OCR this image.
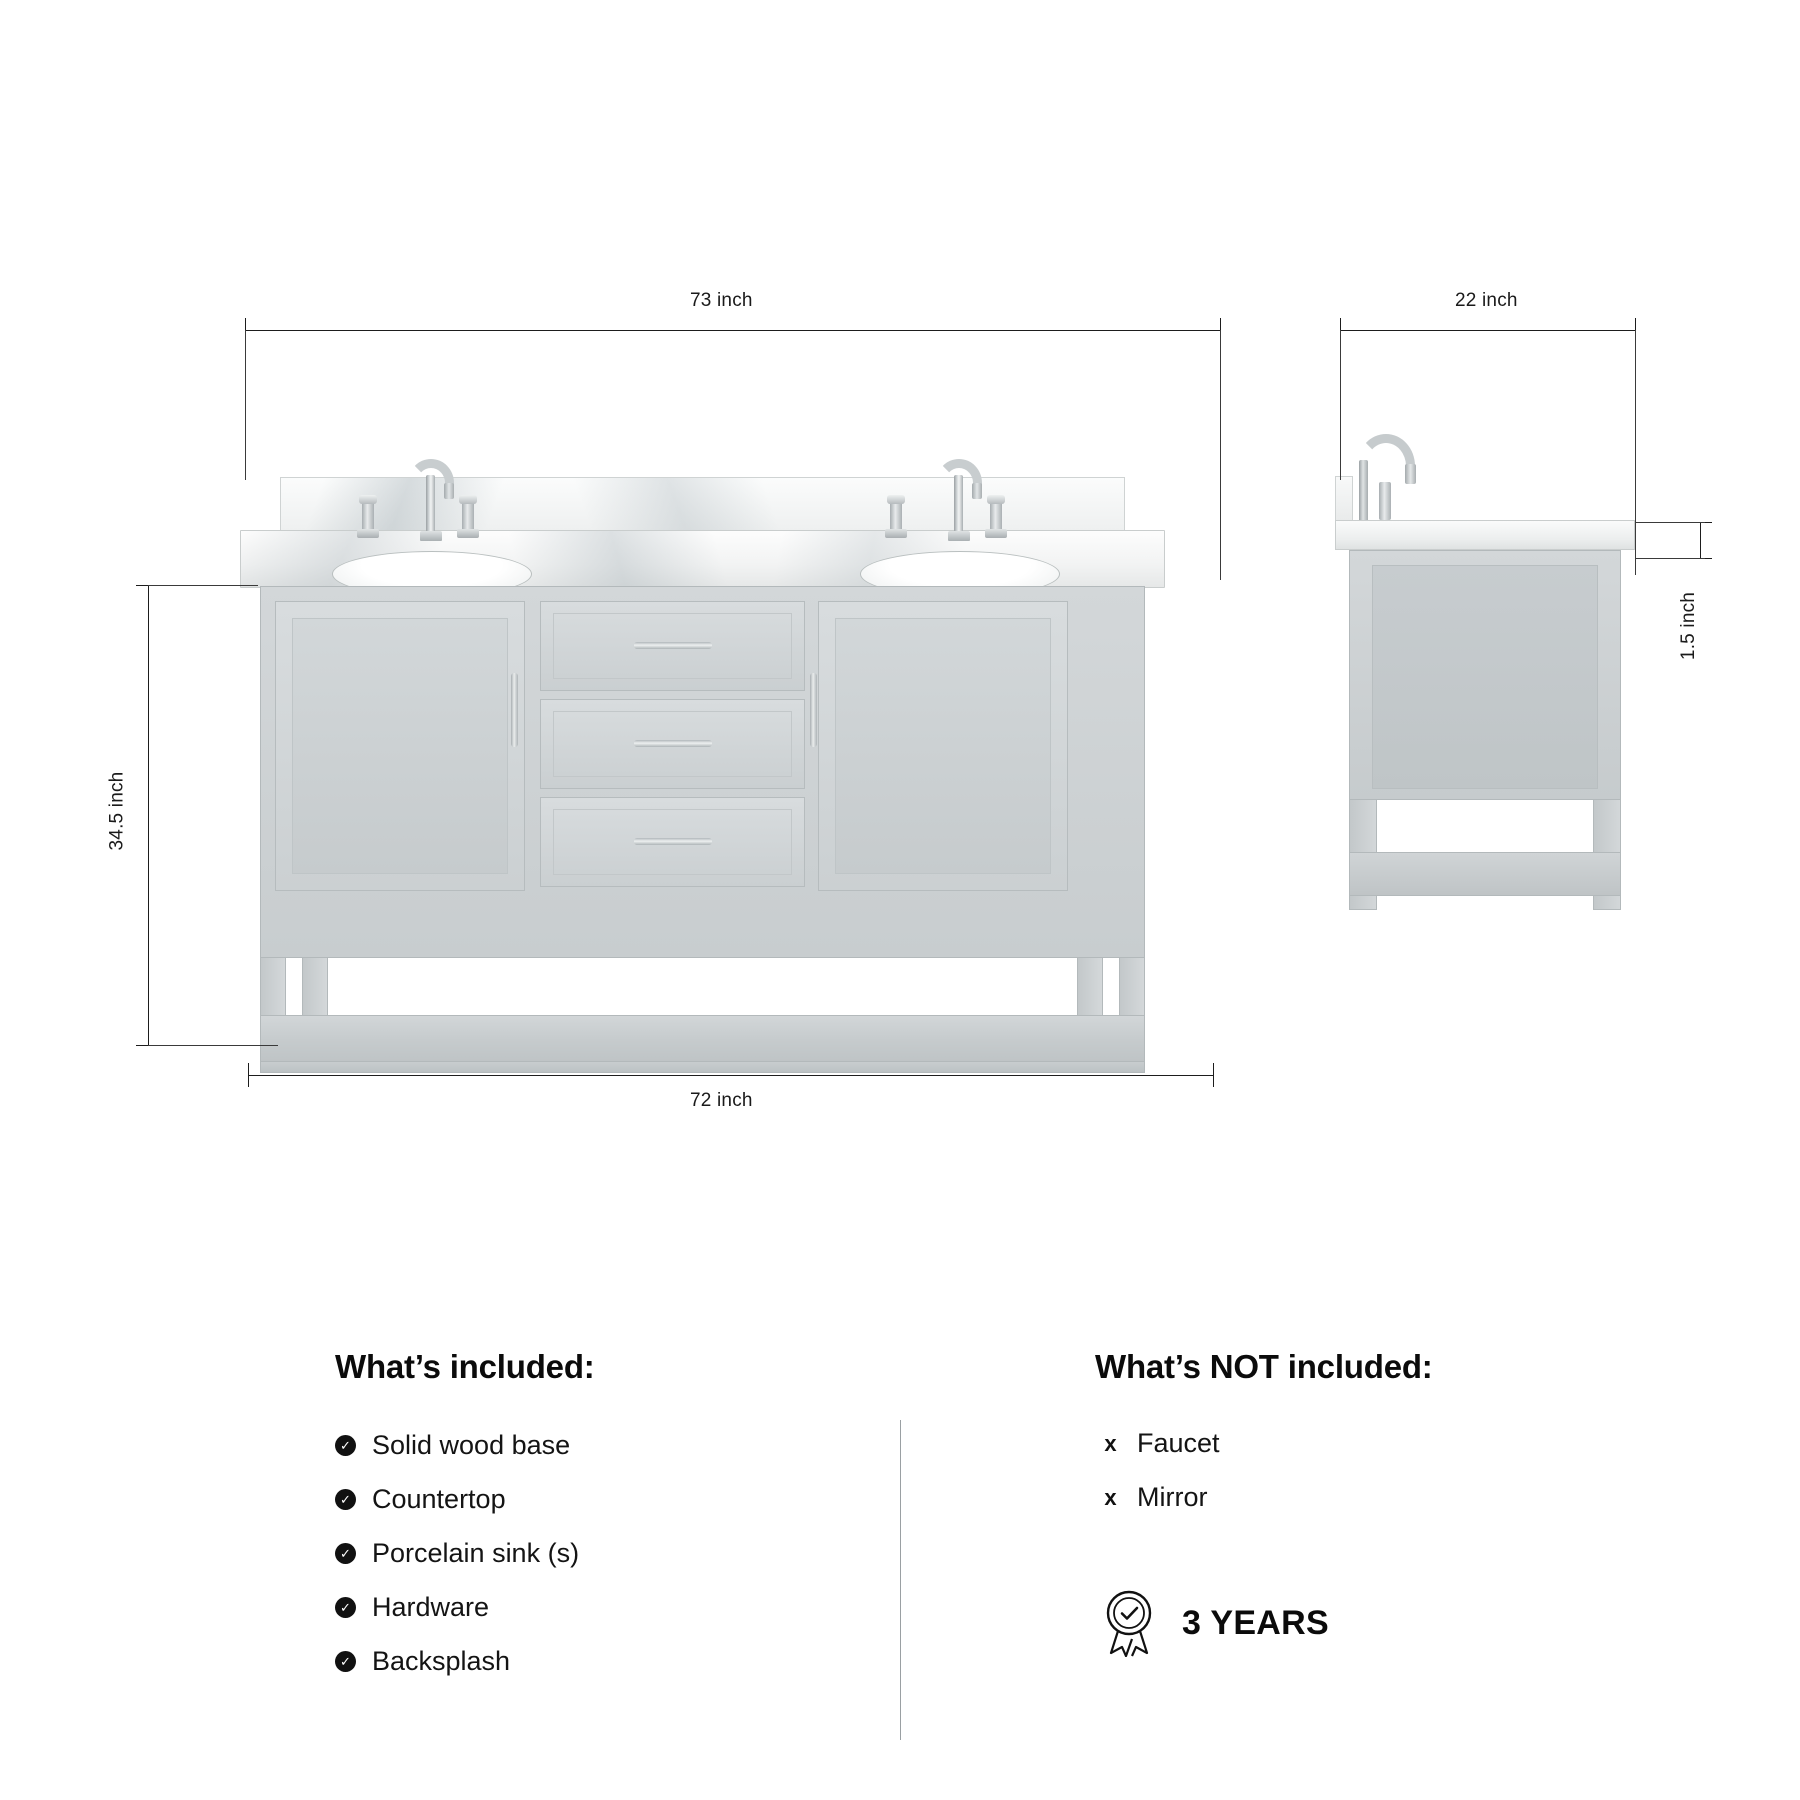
73 inch
34.5 inch
72 inch
22 inch
1.5 inch
What’s included:
✓ Solid wood base
✓ Countertop
✓ Porcelain sink (s)
✓ Hardware
✓ Backsplash
What’s NOT included:
x Faucet
x Mirror
3 YEARS
